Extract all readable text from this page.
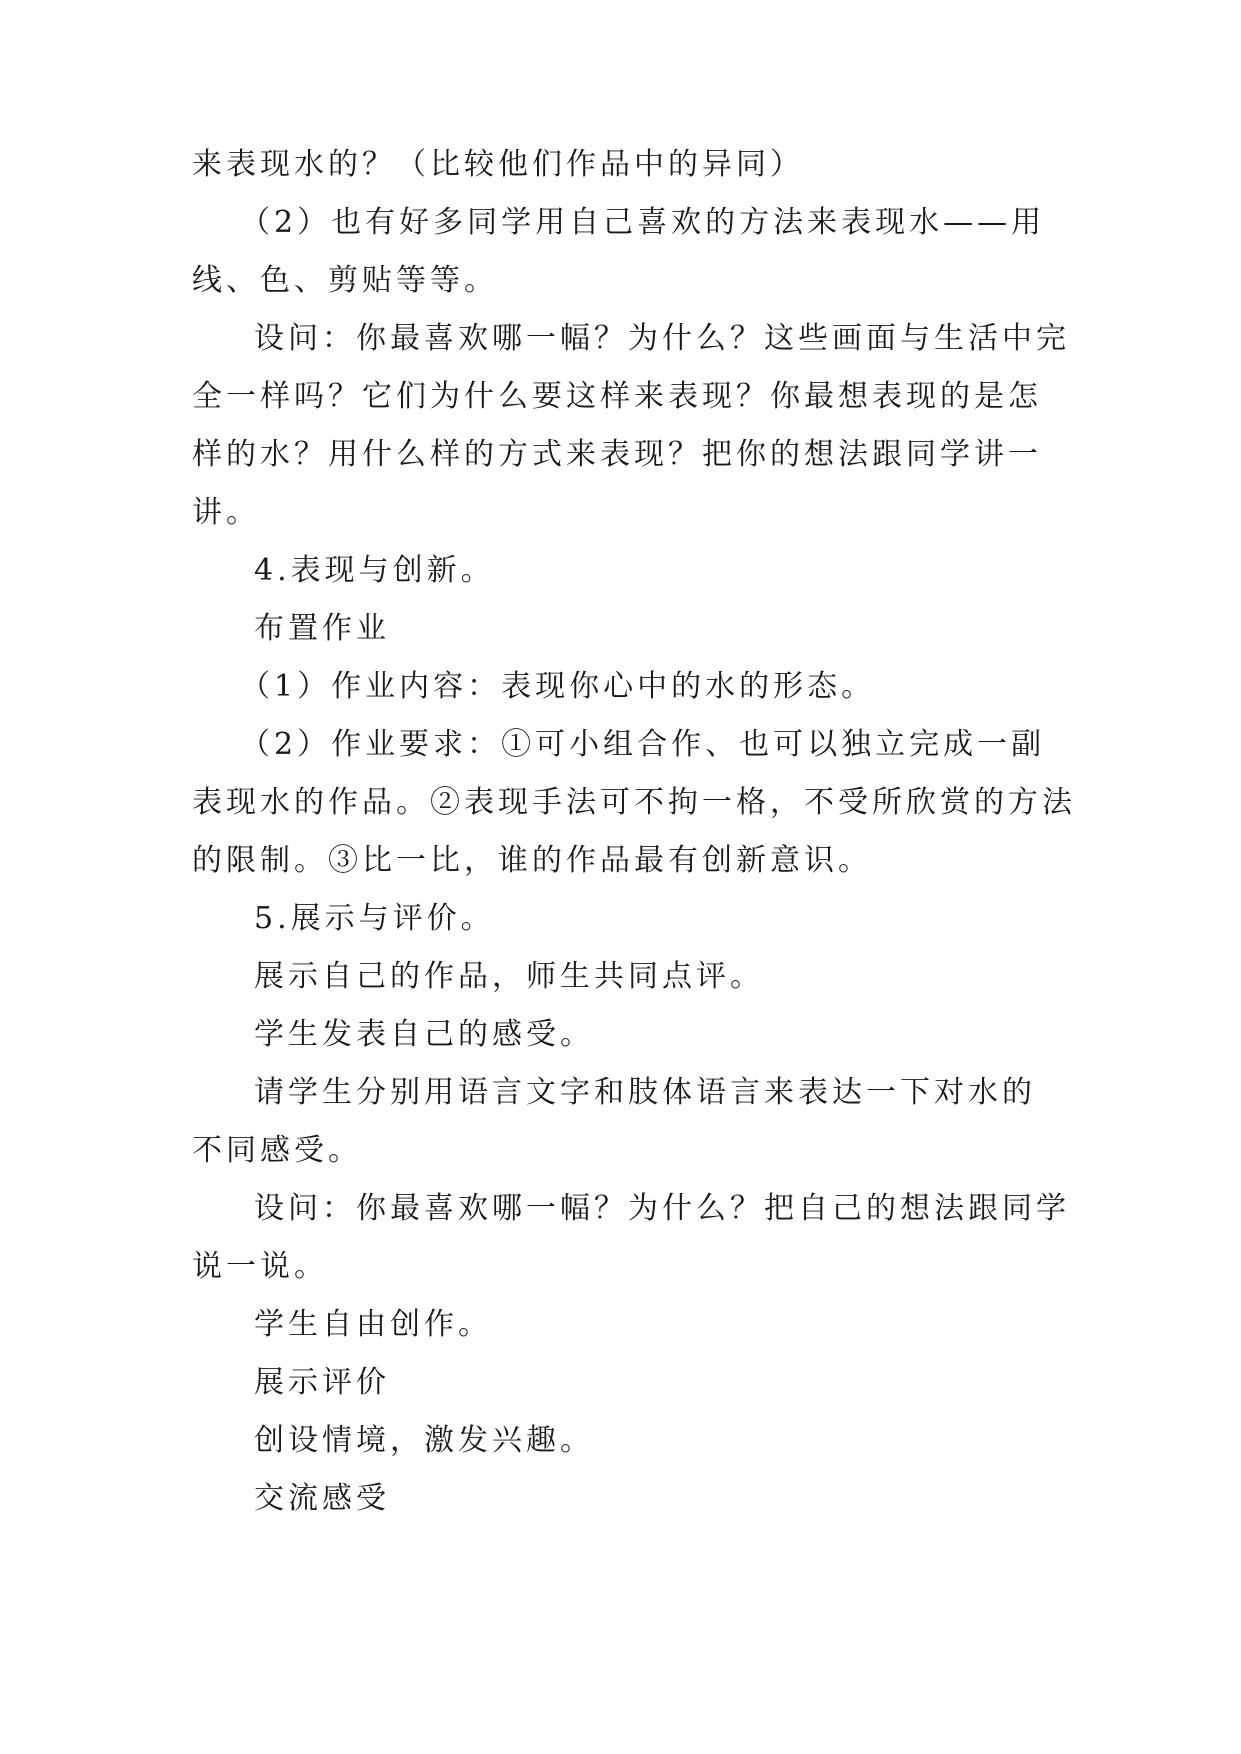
来表现水的？（比较他们作品中的异同）
（2）也有好多同学用自己喜欢的方法来表现水——用
线、色、剪贴等等。
设问：你最喜欢哪一幅？为什么？这些画面与生活中完
全一样吗？它们为什么要这样来表现？你最想表现的是怎
样的水？用什么样的方式来表现？把你的想法跟同学讲一
讲。
4.表现与创新。
布置作业
（1）作业内容：表现你心中的水的形态。
（2）作业要求：①可小组合作、也可以独立完成一副
表现水的作品。②表现手法可不拘一格，不受所欣赏的方法
的限制。③比一比，谁的作品最有创新意识。
5.展示与评价。
展示自己的作品，师生共同点评。
学生发表自己的感受。
请学生分别用语言文字和肢体语言来表达一下对水的
不同感受。
设问：你最喜欢哪一幅？为什么？把自己的想法跟同学
说一说。
学生自由创作。
展示评价
创设情境，激发兴趣。
交流感受
